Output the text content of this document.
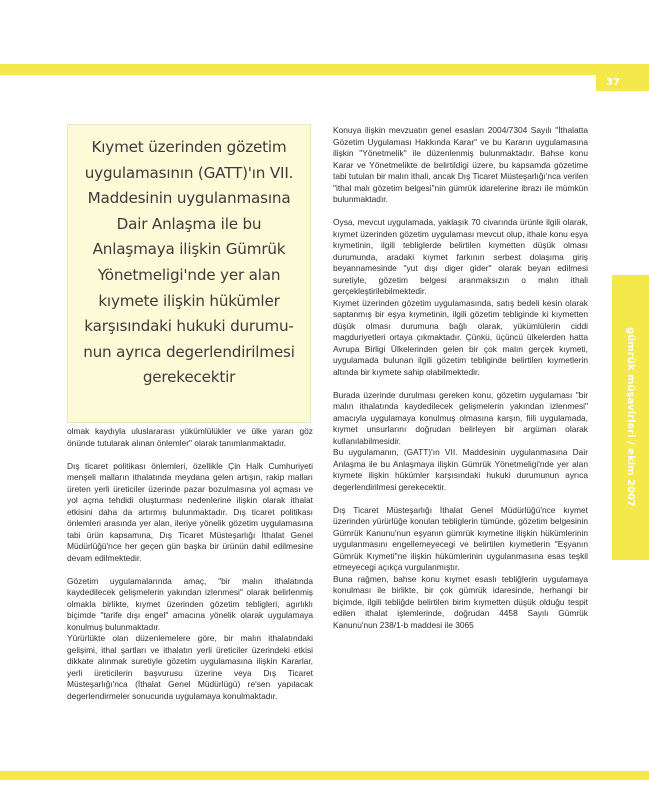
37
gümrük müşavirleri / ekim 2007

Kıymet üzerinden gözetim uygulamasının (GATT)'ın VII. Maddesinin uygulanmasına Dair Anlaşma ile bu Anlaşmaya ilişkin Gümrük Yönetmeligi'nde yer alan kıymete ilişkin hükümler karşısındaki hukuki durumu-nun ayrıca degerlendirilmesi gerekecektir

olmak kaydıyla uluslararası yükümlülükler ve ülke yararı göz önünde tutularak alınan önlemler" olarak tanımlanmaktadır.

Dış ticaret politikası önlemleri, özellikle Çin Halk Cumhuriyeti menşeli malların ithalatında meydana gelen artışın, rakip malları üreten yerli üreticiler üzerinde pazar bozulmasına yol açması ve yol açma tehdidi oluşturması nedenlerine ilişkin olarak ithalat etkisini daha da artırmış bulunmaktadır. Dış ticaret politikası önlemleri arasında yer alan, ileriye yönelik gözetim uygulamasına tabi ürün kapsamına, Dış Ticaret Müsteşarlığı İthalat Genel Müdürlüğü'nce her geçen gün başka bir ürünün dahil edilmesine devam edilmektedir.

Gözetim uygulamalarında amaç, "bir malın ithalatında kaydedilecek gelişmelerin yakından izlenmesi" olarak belirlenmiş olmakla birlikte, kıymet üzerinden gözetim tebligleri, agırlıklı biçimde "tarife dışı engel" amacına yönelik olarak uygulamaya konulmuş bulunmaktadır.

Yürürlükte olan düzenlemelere göre, bir malın ithalatındaki gelişimi, ithal şartları ve ithalatın yerli üreticiler üzerindeki etkisi dikkate alınmak suretiyle gözetim uygulamasına ilişkin Kararlar, yerli üreticilerin başvurusu üzerine veya Dış Ticaret Müsteşarlığı'nca (İthalat Genel Müdürlügü) re'sen yapılacak degerlendirmeler sonucunda uygulamaya konulmaktadır.

Konuya ilişkin mevzuatın genel esasları 2004/7304 Sayılı "İthalatta Gözetim Uygulaması Hakkında Karar" ve bu Kararın uygulamasına ilişkin "Yönetmelik" ile düzenlenmiş bulunmaktadır. Bahse konu Karar ve Yönetmelikte de belirtildigi üzere, bu kapsamda gözetime tabi tutulan bir malın ithali, ancak Dış Ticaret Müsteşarlığı'nca verilen "ithal malı gözetim belgesi"nin gümrük idarelerine ibrazı ile mümkün bulunmaktadır.

Oysa, mevcut uygulamada, yaklaşık 70 civarında ürünle ilgili olarak, kıymet üzerinden gözetim uygulaması mevcut olup, ithale konu eşya kıymetinin, ilgili tebliglerde belirtilen kıymetten düşük olması durumunda, aradaki kıymet farkının serbest dolaşıma giriş beyannamesinde "yut dışı diger gider" olarak beyan edilmesi suretiyle, gözetim belgesi aranmaksızın o malın ithali gerçekleştirilebilmektedir.

Kıymet üzerinden gözetim uygulamasında, satış bedeli kesin olarak saptanmış bir eşya kıymetinin, ilgili gözetim tebliginde ki kıymetten düşük olması durumuna bağlı olarak, yükümlülerin ciddi magduriyetleri ortaya çıkmaktadır. Çünkü, üçüncü ülkelerden hatta Avrupa Birligi Ülkelerinden gelen bir çok malın gerçek kıymeti, uygulamada bulunan ilgili gözetim tebliginde belirtilen kıymetlerin altında bir kıymete sahip olabilmektedir.

Burada üzerinde durulması gereken konu, gözetim uygulaması "bir malın ithalatında kaydedilecek gelişmelerin yakından izlenmesi" amacıyla uygulamaya konulmuş olmasına karşın, fiili uygulamada, kıymet unsurlarını doğrudan belirleyen bir argüman olarak kullanılabilmesidir.

Bu uygulamanın, (GATT)'ın VII. Maddesinin uygulanmasına Dair Anlaşma ile bu Anlaşmaya ilişkin Gümrük Yönetmeligi'nde yer alan kıymete ilişkin hükümler karşısındaki hukuki durumunun ayrıca degerlendirilmesi gerekecektir.

Dış Ticaret Müsteşarlığı İthalat Genel Müdürlüğü'nce kıymet üzerinden yürürlüğe konulan tebliglerin tümünde, gözetim belgesinin Gümrük Kanunu'nun eşyanın gümrük kıymetine ilişkin hükümlerinin uygulanmasını engellemeyecegi ve belirtilen kıymetlerin "Eşyanın Gümrük Kıymeti"ne ilişkin hükümlerinin uygulanmasına esas teşkil etmeyecegi açıkça vurgulanmıştır.

Buna rağmen, bahse konu kıymet esaslı tebliğlerin uygulamaya konulması ile birlikte, bir çok gümrük idaresinde, herhangi bir biçimde, ilgili tebliğde belirtilen birim kıymetten düşük olduğu tespit edilen ithalat işlemlerinde, doğrudan 4458 Sayılı Gümrük Kanunu'nun 238/1-b maddesi ile 3065
